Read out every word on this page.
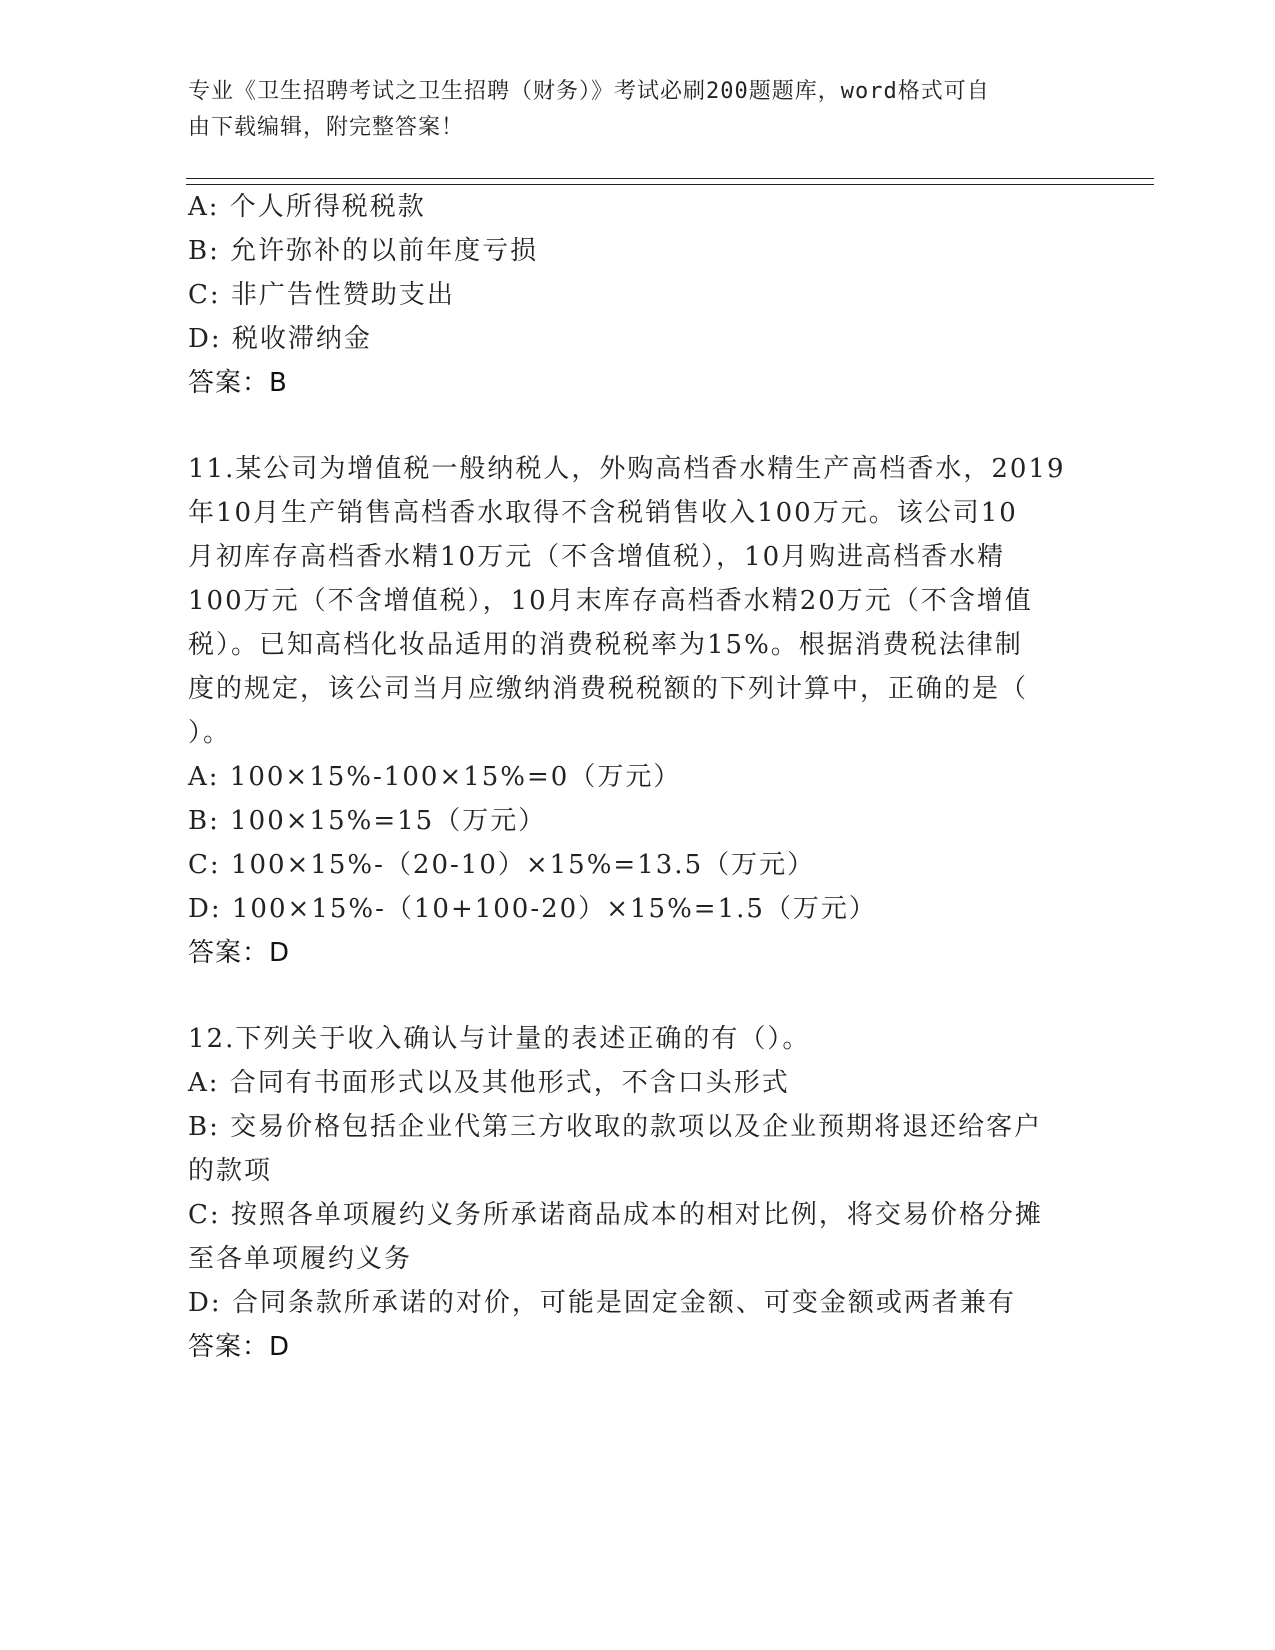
专业《卫生招聘考试之卫生招聘（财务）》考试必刷200题题库，word格式可自
由下载编辑，附完整答案！
A: 个人所得税税款
B: 允许弥补的以前年度亏损
C: 非广告性赞助支出
D: 税收滞纳金
答案：B
11.某公司为增值税一般纳税人，外购高档香水精生产高档香水，2019
年10月生产销售高档香水取得不含税销售收入100万元。该公司10
月初库存高档香水精10万元（不含增值税），10月购进高档香水精
100万元（不含增值税），10月末库存高档香水精20万元（不含增值
税）。已知高档化妆品适用的消费税税率为15%。根据消费税法律制
度的规定，该公司当月应缴纳消费税税额的下列计算中，正确的是（
）。
A: 100×15%-100×15%=0（万元）
B: 100×15%=15（万元）
C: 100×15%-（20-10）×15%=13.5（万元）
D: 100×15%-（10+100-20）×15%=1.5（万元）
答案：D
12.下列关于收入确认与计量的表述正确的有（）。
A: 合同有书面形式以及其他形式，不含口头形式
B: 交易价格包括企业代第三方收取的款项以及企业预期将退还给客户
的款项
C: 按照各单项履约义务所承诺商品成本的相对比例，将交易价格分摊
至各单项履约义务
D: 合同条款所承诺的对价，可能是固定金额、可变金额或两者兼有
答案：D
